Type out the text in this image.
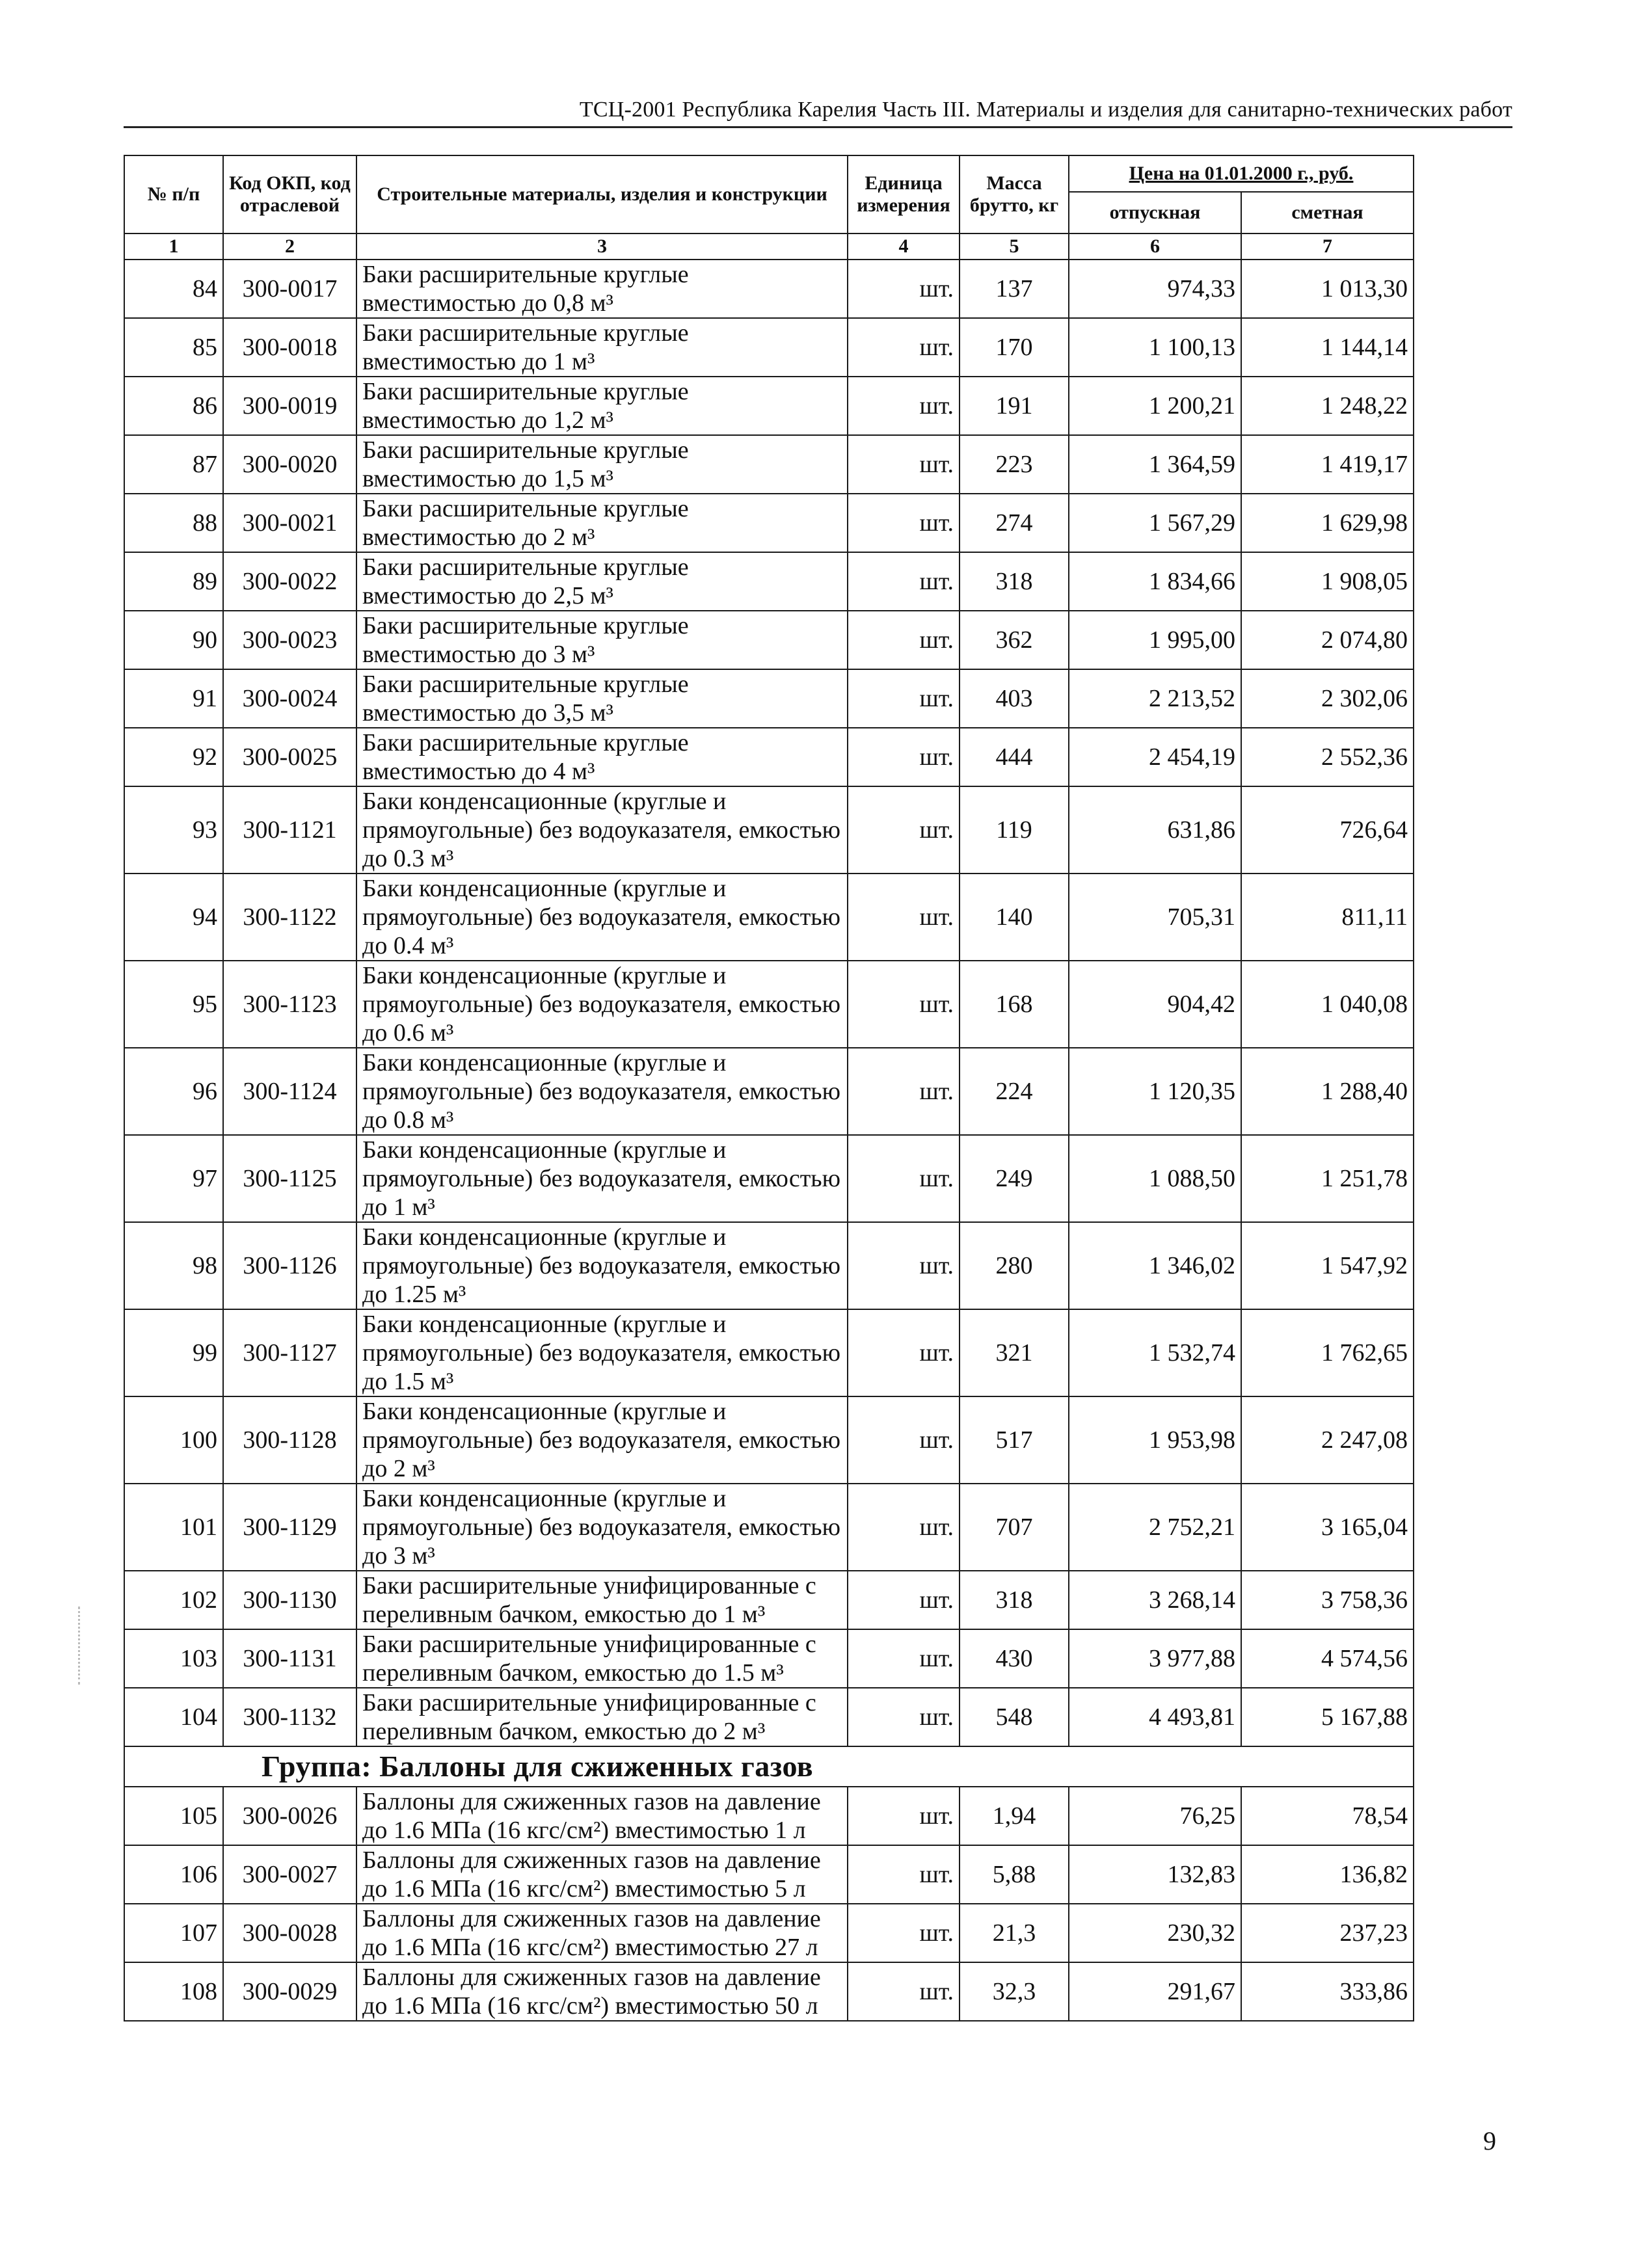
ТСЦ-2001 Республика Карелия Часть III. Материалы и изделия для санитарно-технических работ
№ п/п	Код ОКП, код отраслевой	Строительные материалы, изделия и конструкции	Единица измерения	Масса брутто, кг	Цена на 01.01.2000 г., руб.	
					отпускная	сметная
1	2	3	4	5	6	7
84	300-0017	Баки расширительные круглые вместимостью до 0,8 м³	шт.	137	974,33	1 013,30
85	300-0018	Баки расширительные круглые вместимостью до 1 м³	шт.	170	1 100,13	1 144,14
86	300-0019	Баки расширительные круглые вместимостью до 1,2 м³	шт.	191	1 200,21	1 248,22
87	300-0020	Баки расширительные круглые вместимостью до 1,5 м³	шт.	223	1 364,59	1 419,17
88	300-0021	Баки расширительные круглые вместимостью до 2 м³	шт.	274	1 567,29	1 629,98
89	300-0022	Баки расширительные круглые вместимостью до 2,5 м³	шт.	318	1 834,66	1 908,05
90	300-0023	Баки расширительные круглые вместимостью до 3 м³	шт.	362	1 995,00	2 074,80
91	300-0024	Баки расширительные круглые вместимостью до 3,5 м³	шт.	403	2 213,52	2 302,06
92	300-0025	Баки расширительные круглые вместимостью до 4 м³	шт.	444	2 454,19	2 552,36
93	300-1121	Баки конденсационные (круглые и прямоугольные) без водоуказателя, емкостью до 0.3 м³	шт.	119	631,86	726,64
94	300-1122	Баки конденсационные (круглые и прямоугольные) без водоуказателя, емкостью до 0.4 м³	шт.	140	705,31	811,11
95	300-1123	Баки конденсационные (круглые и прямоугольные) без водоуказателя, емкостью до 0.6 м³	шт.	168	904,42	1 040,08
96	300-1124	Баки конденсационные (круглые и прямоугольные) без водоуказателя, емкостью до 0.8 м³	шт.	224	1 120,35	1 288,40
97	300-1125	Баки конденсационные (круглые и прямоугольные) без водоуказателя, емкостью до 1 м³	шт.	249	1 088,50	1 251,78
98	300-1126	Баки конденсационные (круглые и прямоугольные) без водоуказателя, емкостью до 1.25 м³	шт.	280	1 346,02	1 547,92
99	300-1127	Баки конденсационные (круглые и прямоугольные) без водоуказателя, емкостью до 1.5 м³	шт.	321	1 532,74	1 762,65
100	300-1128	Баки конденсационные (круглые и прямоугольные) без водоуказателя, емкостью до 2 м³	шт.	517	1 953,98	2 247,08
101	300-1129	Баки конденсационные (круглые и прямоугольные) без водоуказателя, емкостью до 3 м³	шт.	707	2 752,21	3 165,04
102	300-1130	Баки расширительные унифицированные с переливным бачком, емкостью до 1 м³	шт.	318	3 268,14	3 758,36
103	300-1131	Баки расширительные унифицированные с переливным бачком, емкостью до 1.5 м³	шт.	430	3 977,88	4 574,56
104	300-1132	Баки расширительные унифицированные с переливным бачком, емкостью до 2 м³	шт.	548	4 493,81	5 167,88
Группа: Баллоны для сжиженных газов						
105	300-0026	Баллоны для сжиженных газов на давление до 1.6 МПа (16 кгс/см²) вместимостью 1 л	шт.	1,94	76,25	78,54
106	300-0027	Баллоны для сжиженных газов на давление до 1.6 МПа (16 кгс/см²) вместимостью 5 л	шт.	5,88	132,83	136,82
107	300-0028	Баллоны для сжиженных газов на давление до 1.6 МПа (16 кгс/см²) вместимостью 27 л	шт.	21,3	230,32	237,23
108	300-0029	Баллоны для сжиженных газов на давление до 1.6 МПа (16 кгс/см²) вместимостью 50 л	шт.	32,3	291,67	333,86
9
